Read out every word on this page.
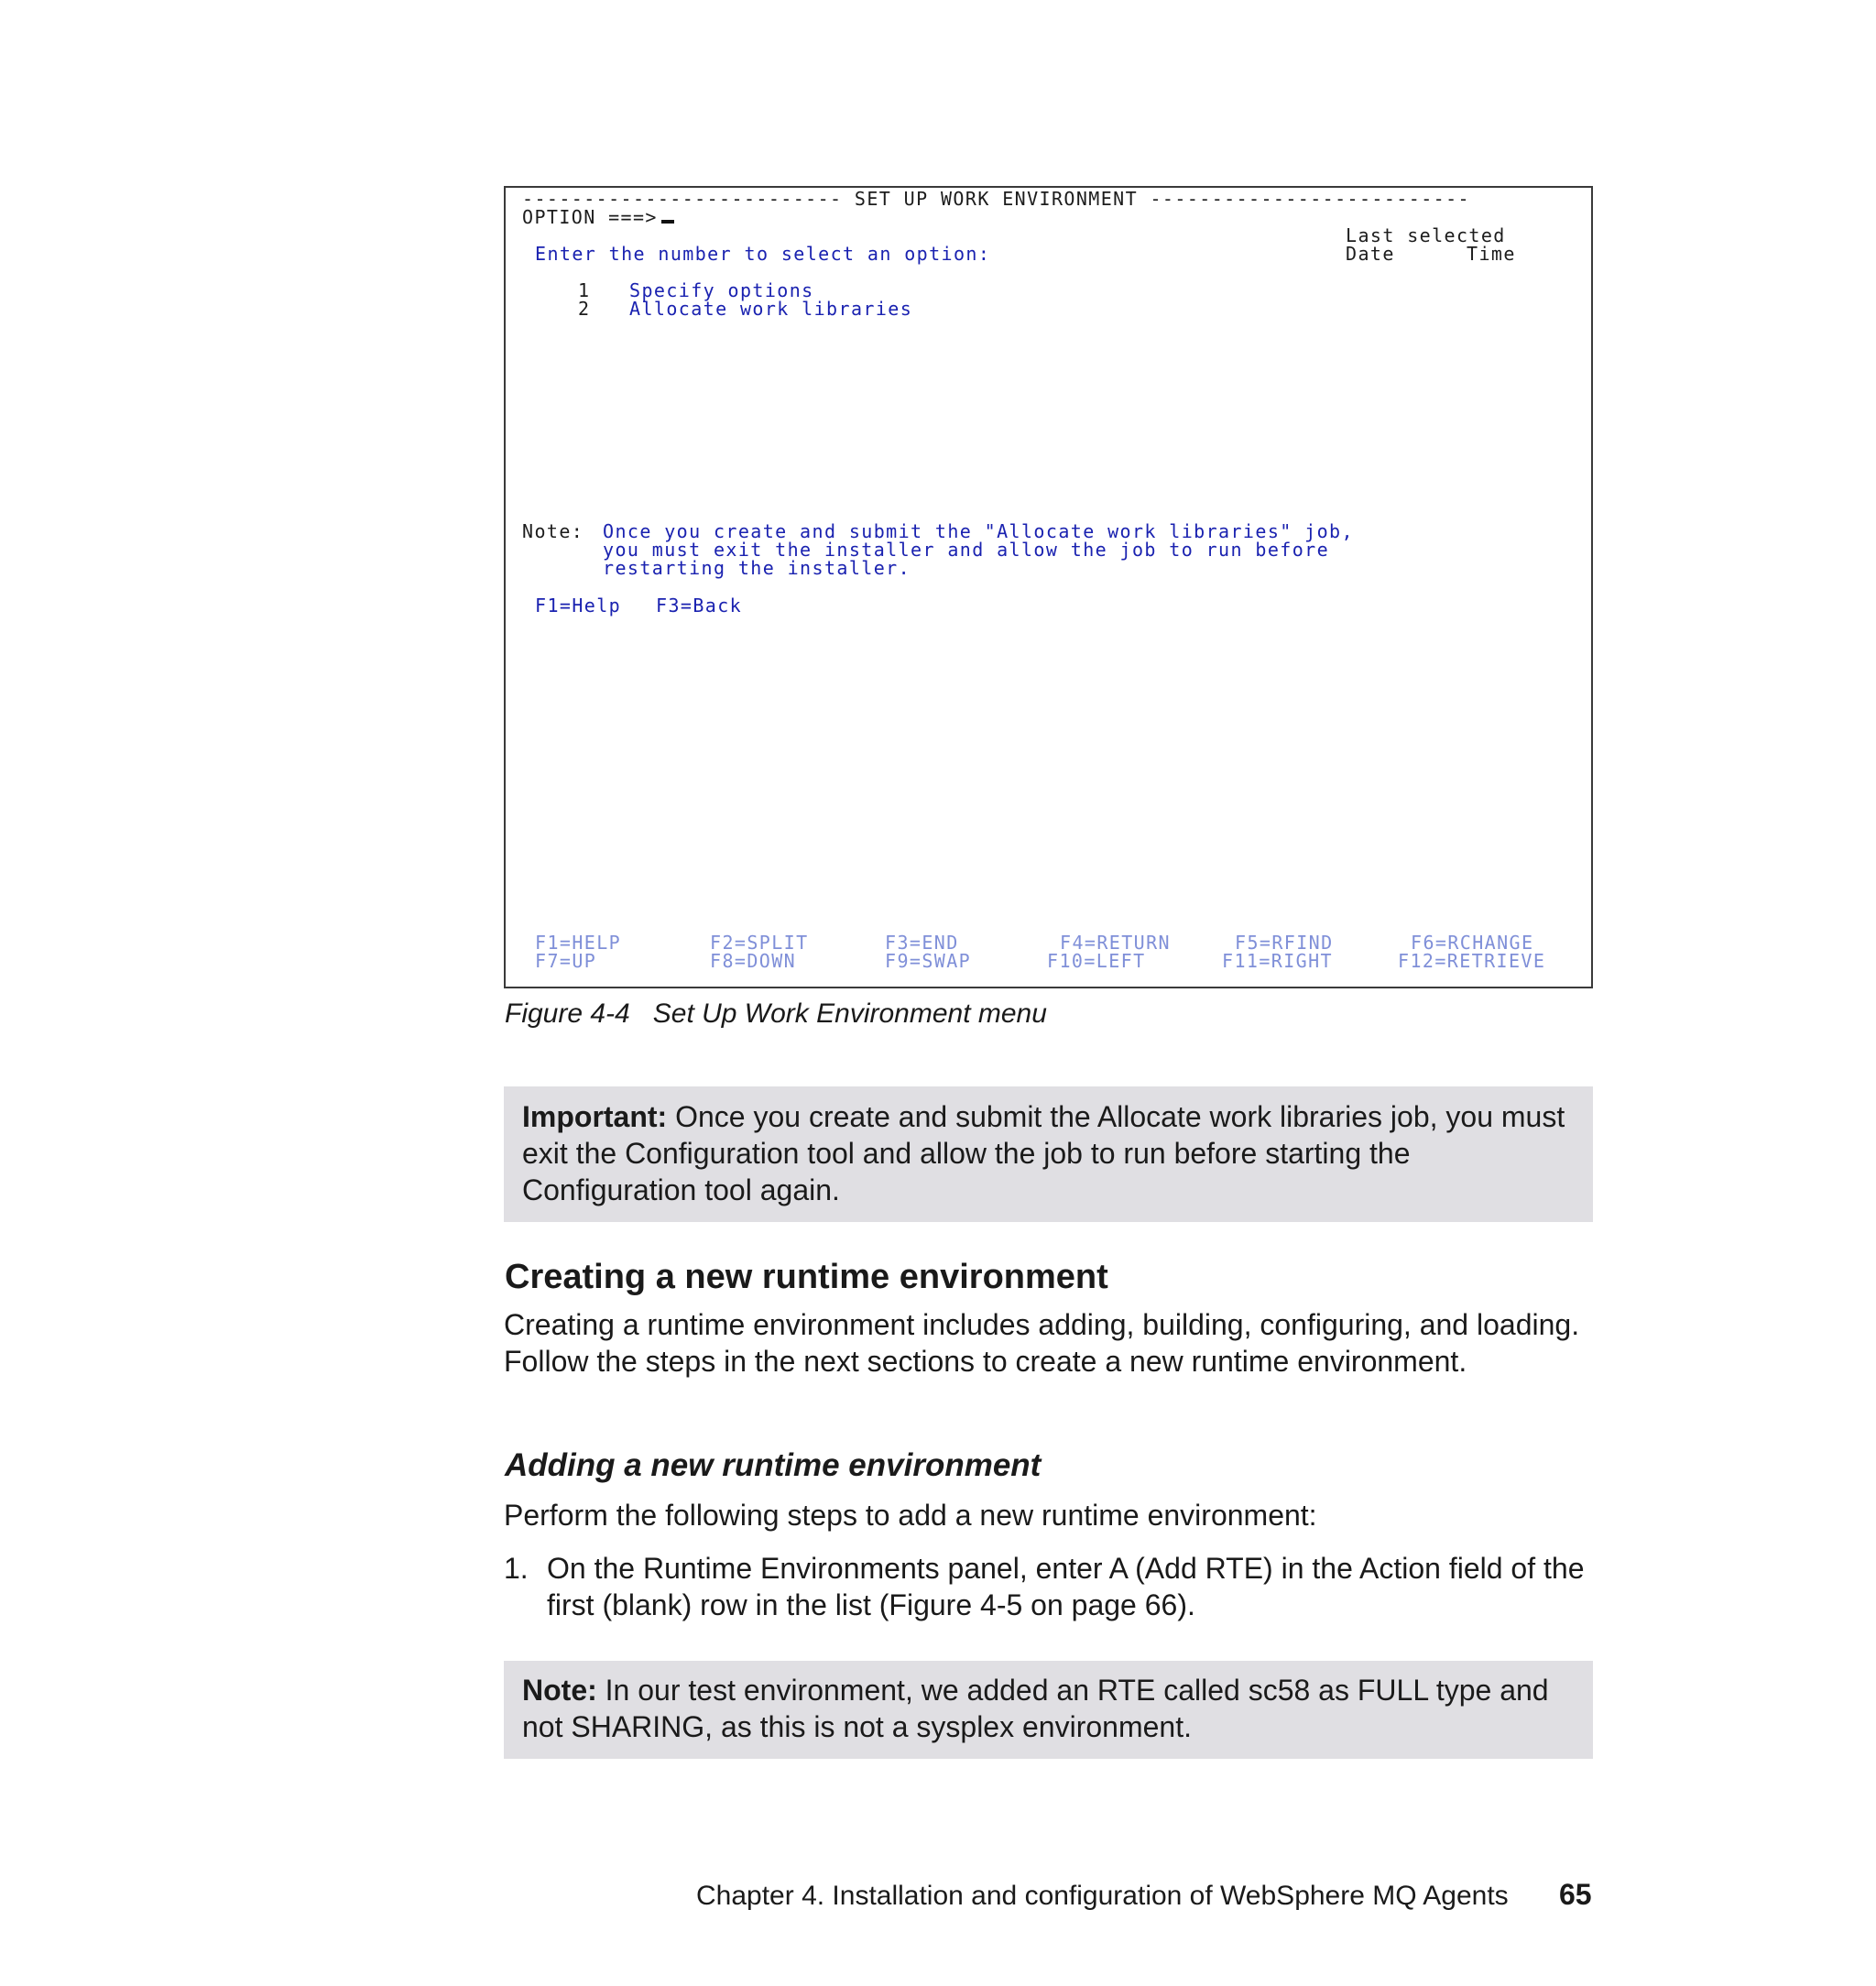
-------------------------- SET UP WORK ENVIRONMENT --------------------------
OPTION ===>
Last selected
Date	Time
Enter the number to select an option:
1 Specify options
2 Allocate work libraries
Note: Once you create and submit the "Allocate work libraries" job,
you must exit the installer and allow the job to run before
restarting the installer.
F1=Help F3=Back
F1=HELP	F2=SPLIT	F3=END	F4=RETURN	F5=RFIND	F6=RCHANGE
F7=UP	F8=DOWN	F9=SWAP	F10=LEFT	F11=RIGHT	F12=RETRIEVE
Figure 4-4 Set Up Work Environment menu
Important: Once you create and submit the Allocate work libraries job, you must exit the Configuration tool and allow the job to run before starting the Configuration tool again.
Creating a new runtime environment
Creating a runtime environment includes adding, building, configuring, and loading. Follow the steps in the next sections to create a new runtime environment.
Adding a new runtime environment
Perform the following steps to add a new runtime environment:
1. On the Runtime Environments panel, enter A (Add RTE) in the Action field of the first (blank) row in the list (Figure 4-5 on page 66).
Note: In our test environment, we added an RTE called sc58 as FULL type and not SHARING, as this is not a sysplex environment.
Chapter 4. Installation and configuration of WebSphere MQ Agents 65
